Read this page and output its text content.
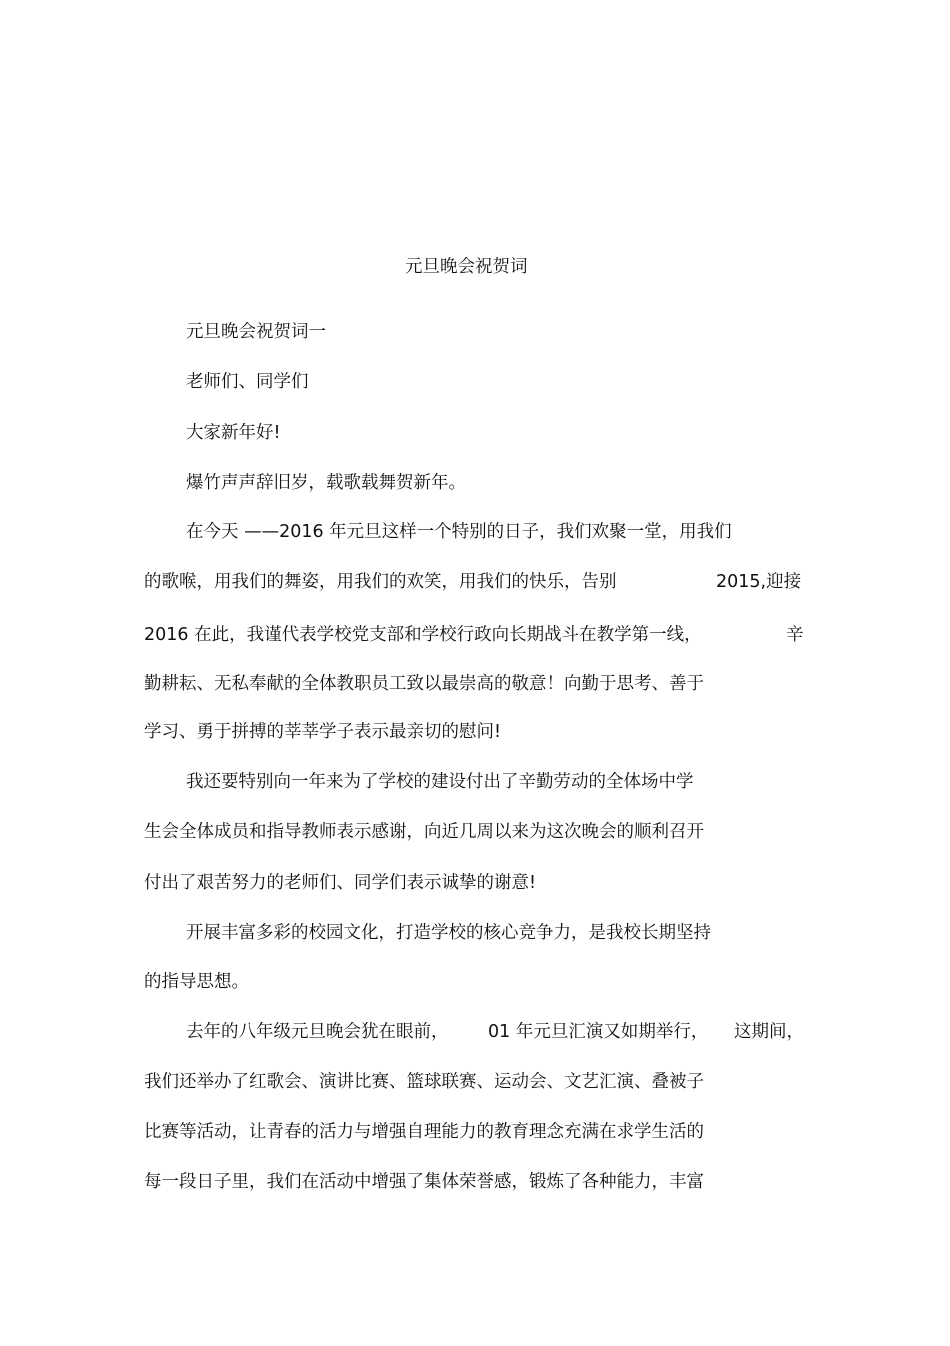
元旦晚会祝贺词

元旦晚会祝贺词一

老师们、同学们

大家新年好!

爆竹声声辞旧岁，载歌载舞贺新年。

在今天 ——2016 年元旦这样一个特别的日子，我们欢聚一堂，用我们

的歌喉，用我们的舞姿，用我们的欢笑，用我们的快乐，告别	2015,迎接

2016 在此，我谨代表学校党支部和学校行政向长期战斗在教学第一线，	辛

勤耕耘、无私奉献的全体教职员工致以最崇高的敬意！向勤于思考、善于

学习、勇于拼搏的莘莘学子表示最亲切的慰问!

我还要特别向一年来为了学校的建设付出了辛勤劳动的全体场中学

生会全体成员和指导教师表示感谢，向近几周以来为这次晚会的顺利召开

付出了艰苦努力的老师们、同学们表示诚挚的谢意!

开展丰富多彩的校园文化，打造学校的核心竞争力，是我校长期坚持

的指导思想。

去年的八年级元旦晚会犹在眼前， 01 年元旦汇演又如期举行， 这期间，

我们还举办了红歌会、演讲比赛、篮球联赛、运动会、文艺汇演、叠被子

比赛等活动，让青春的活力与增强自理能力的教育理念充满在求学生活的

每一段日子里，我们在活动中增强了集体荣誉感，锻炼了各种能力，丰富
